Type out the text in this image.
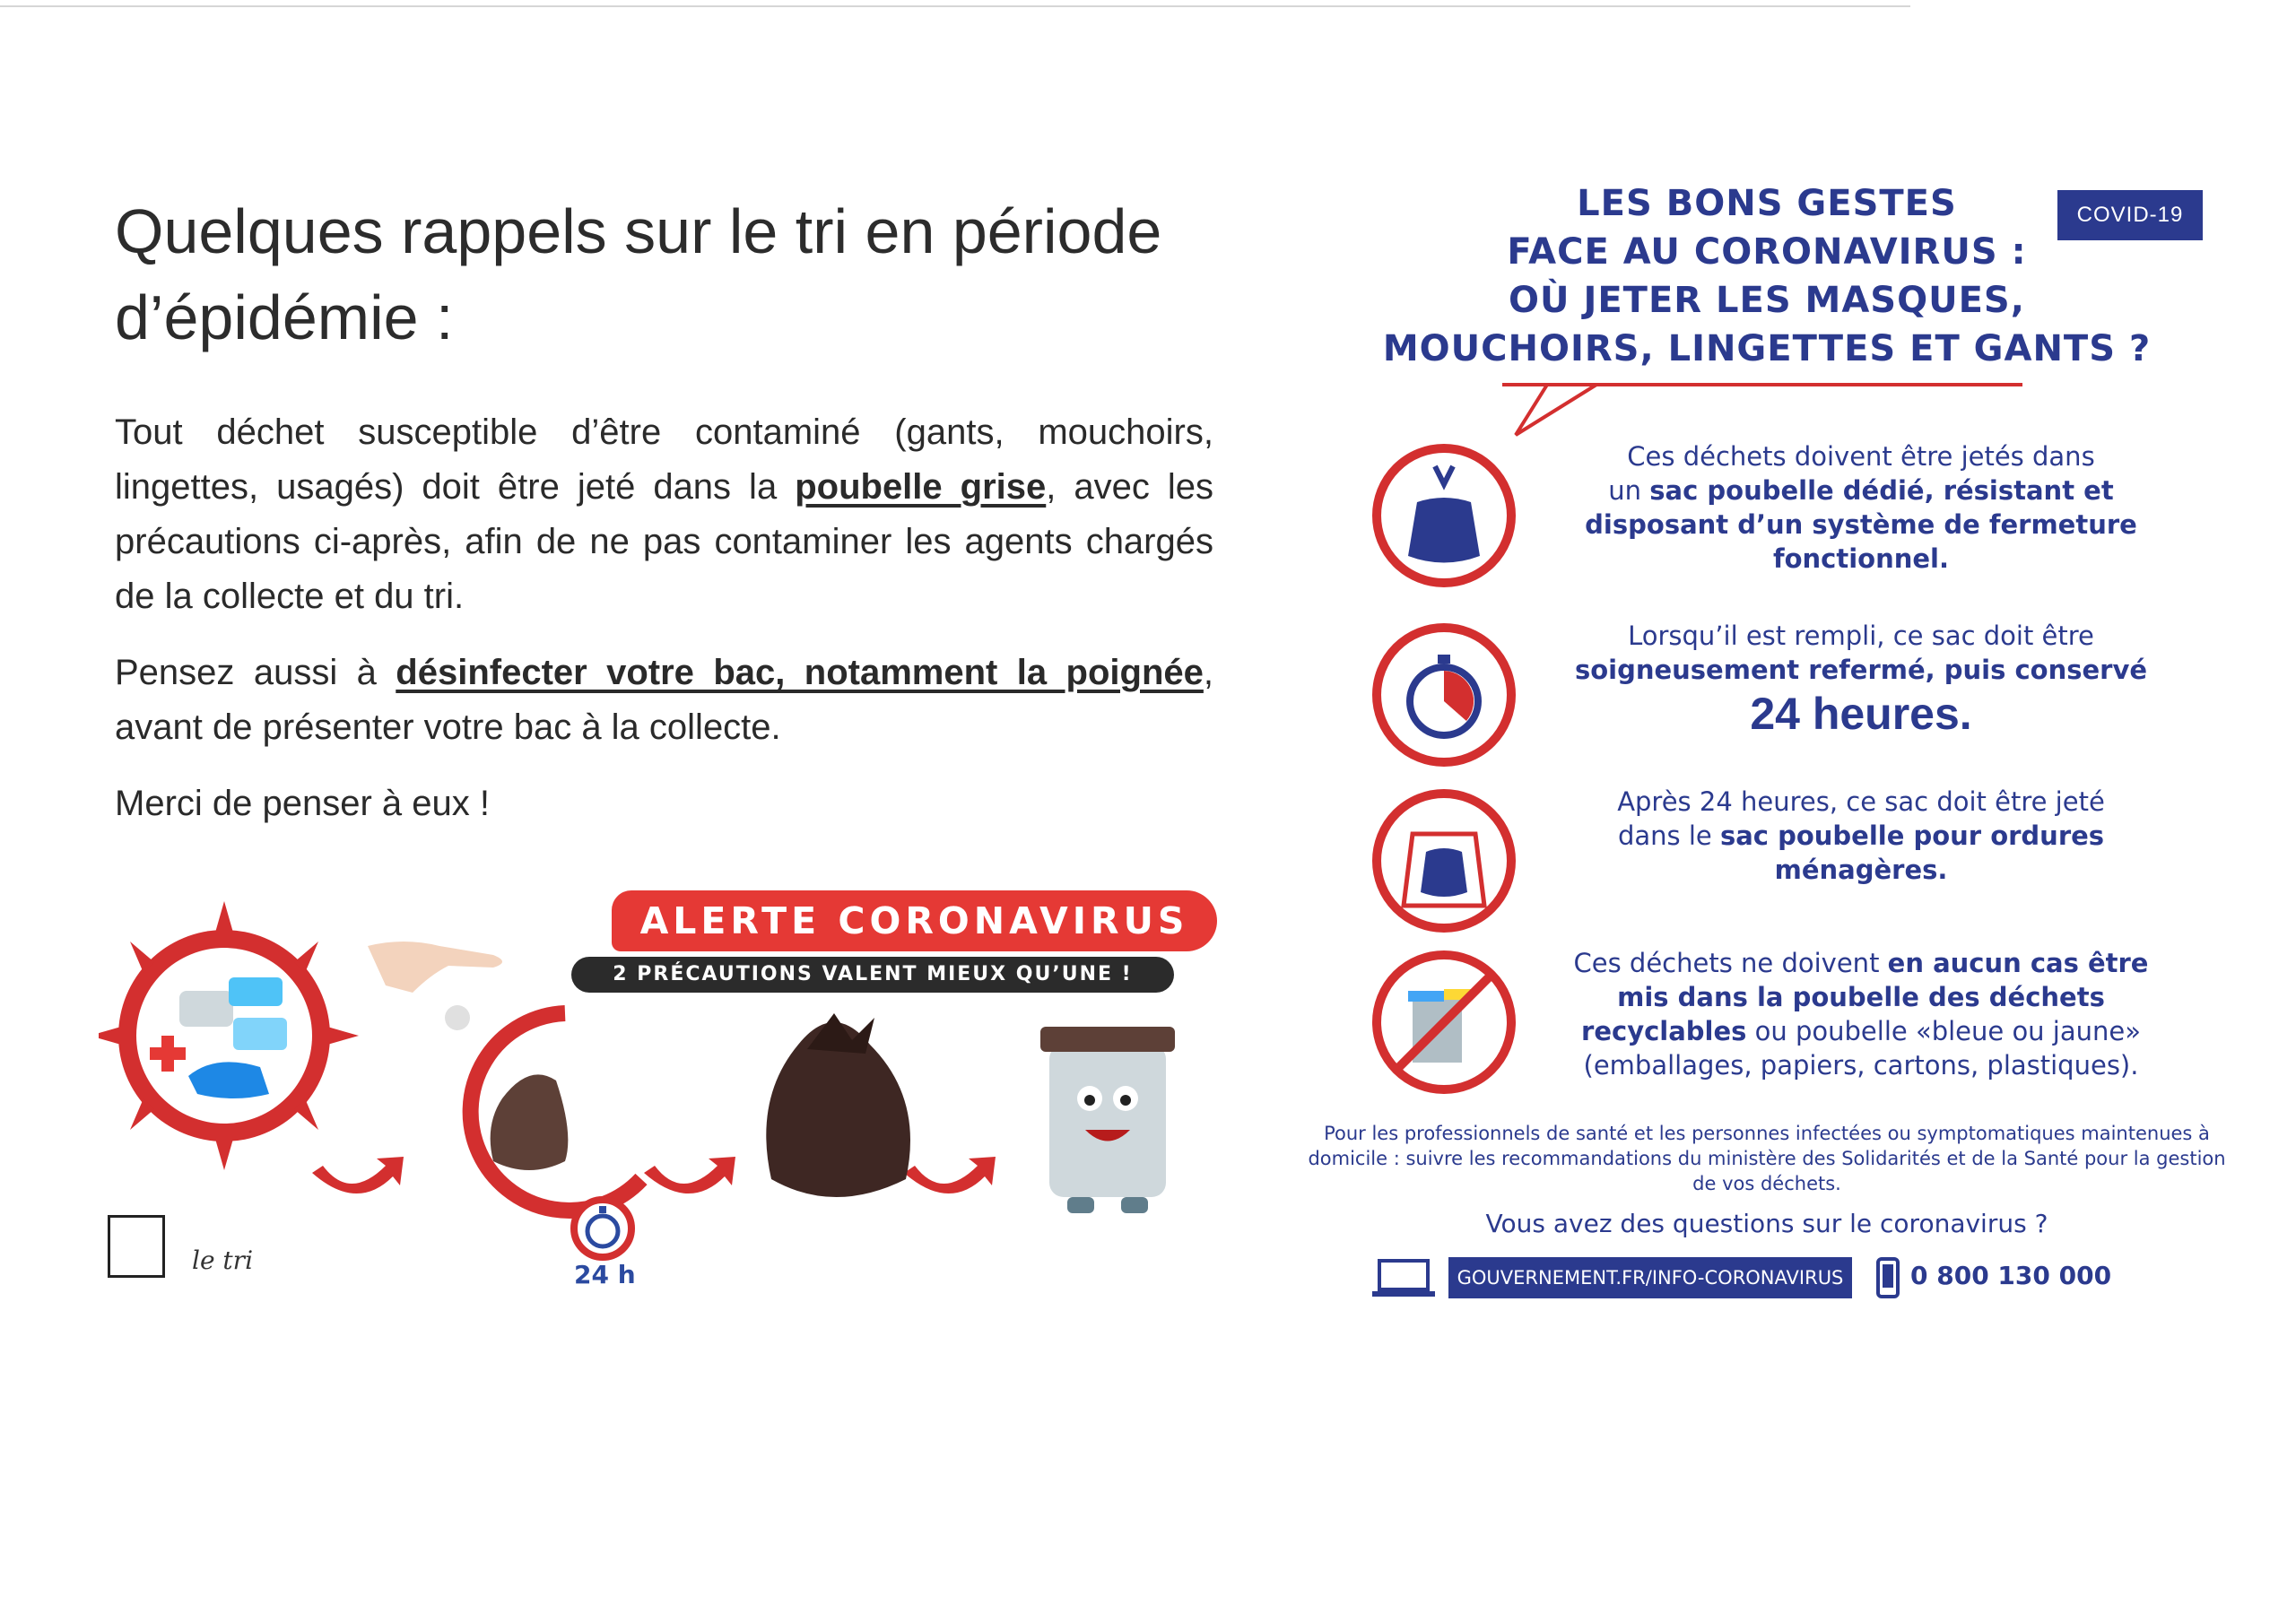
Quelques rappels sur le tri en période
d’épidémie :

Tout déchet susceptible d’être contaminé (gants, mouchoirs, lingettes, usagés) doit être jeté dans la poubelle grise, avec les précautions ci-après, afin de ne pas contaminer les agents chargés de la collecte et du tri.

Pensez aussi à désinfecter votre bac, notamment la poignée, avant de présenter votre bac à la collecte.

Merci de penser à eux !

ALERTE CORONAVIRUS
2 PRÉCAUTIONS VALENT MIEUX QU’UNE !
24 h
le tri
LES BONS GESTES
FACE AU CORONAVIRUS :
OÙ JETER LES MASQUES,
MOUCHOIRS, LINGETTES ET GANTS ?
COVID-19
Ces déchets doivent être jetés dans
un sac poubelle dédié, résistant et disposant d’un système de fermeture fonctionnel.
Lorsqu’il est rempli, ce sac doit être
soigneusement refermé, puis conservé
24 heures.
Après 24 heures, ce sac doit être jeté
dans le sac poubelle pour ordures ménagères.
Ces déchets ne doivent en aucun cas être mis dans la poubelle des déchets recyclables ou poubelle «bleue ou jaune» (emballages, papiers, cartons, plastiques).
Pour les professionnels de santé et les personnes infectées ou symptomatiques maintenues à domicile : suivre les recommandations du ministère des Solidarités et de la Santé pour la gestion de vos déchets.
Vous avez des questions sur le coronavirus ?
GOUVERNEMENT.FR/INFO-CORONAVIRUS	0 800 130 000
